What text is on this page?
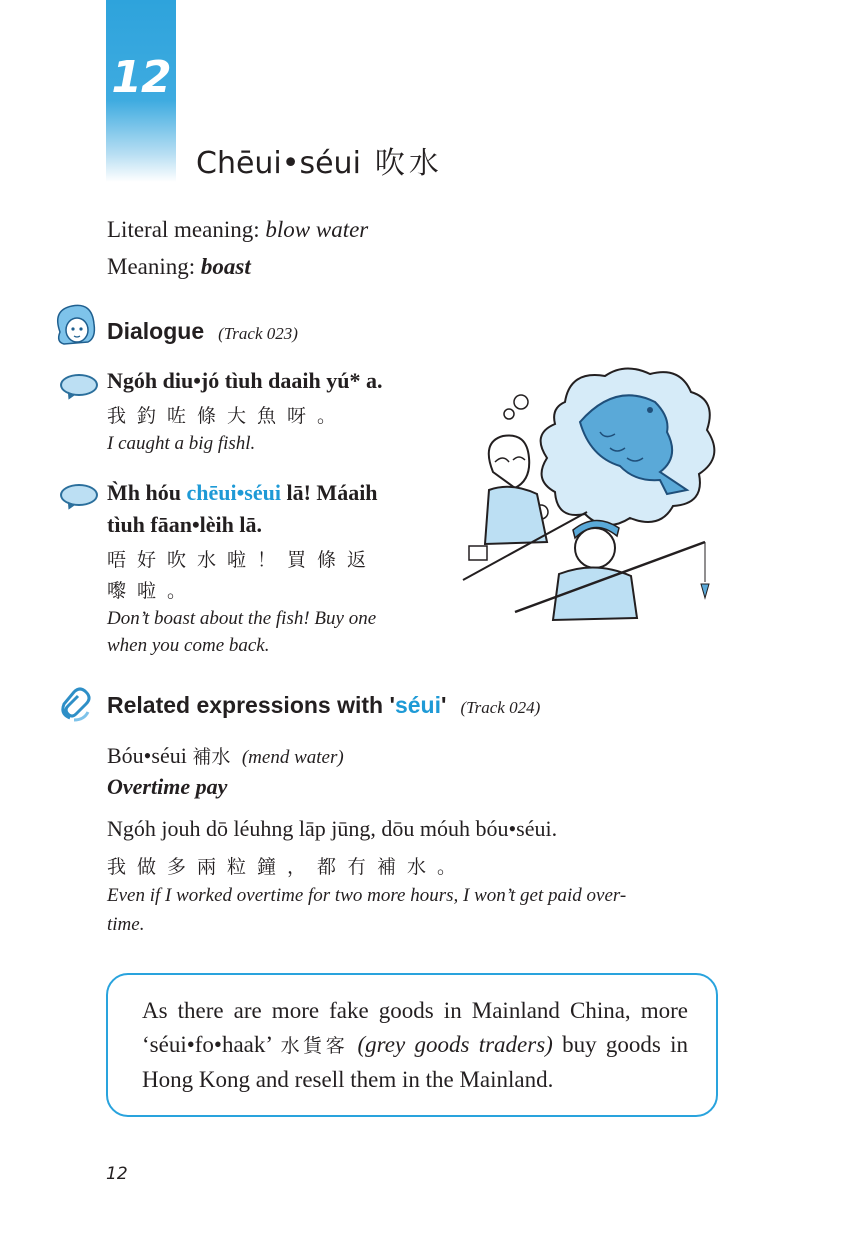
12
Chēui•séui 吹水
Literal meaning: blow water
Meaning: boast
Dialogue (Track 023)
Ngóh diu•jó tìuh daaih yú* a.
我釣咗條大魚呀。
I caught a big fishl.
M̀h hóu chēui•séui lā! Máaih
tìuh fāan•lèih lā.
唔好吹水啦！買條返
嚟啦。
Don’t boast about the fish! Buy one
when you come back.
Related expressions with 'séui' (Track 024)
Bóu•séui 補水 (mend water)
Overtime pay
Ngóh jouh dō léuhng lāp jūng, dōu móuh bóu•séui.
我做多兩粒鐘，都冇補水。
Even if I worked overtime for two more hours, I won’t get paid over-
time.
As there are more fake goods in Mainland China, more ‘séui•fo•haak’ 水貨客 (grey goods traders) buy goods in Hong Kong and resell them in the Mainland.
12
